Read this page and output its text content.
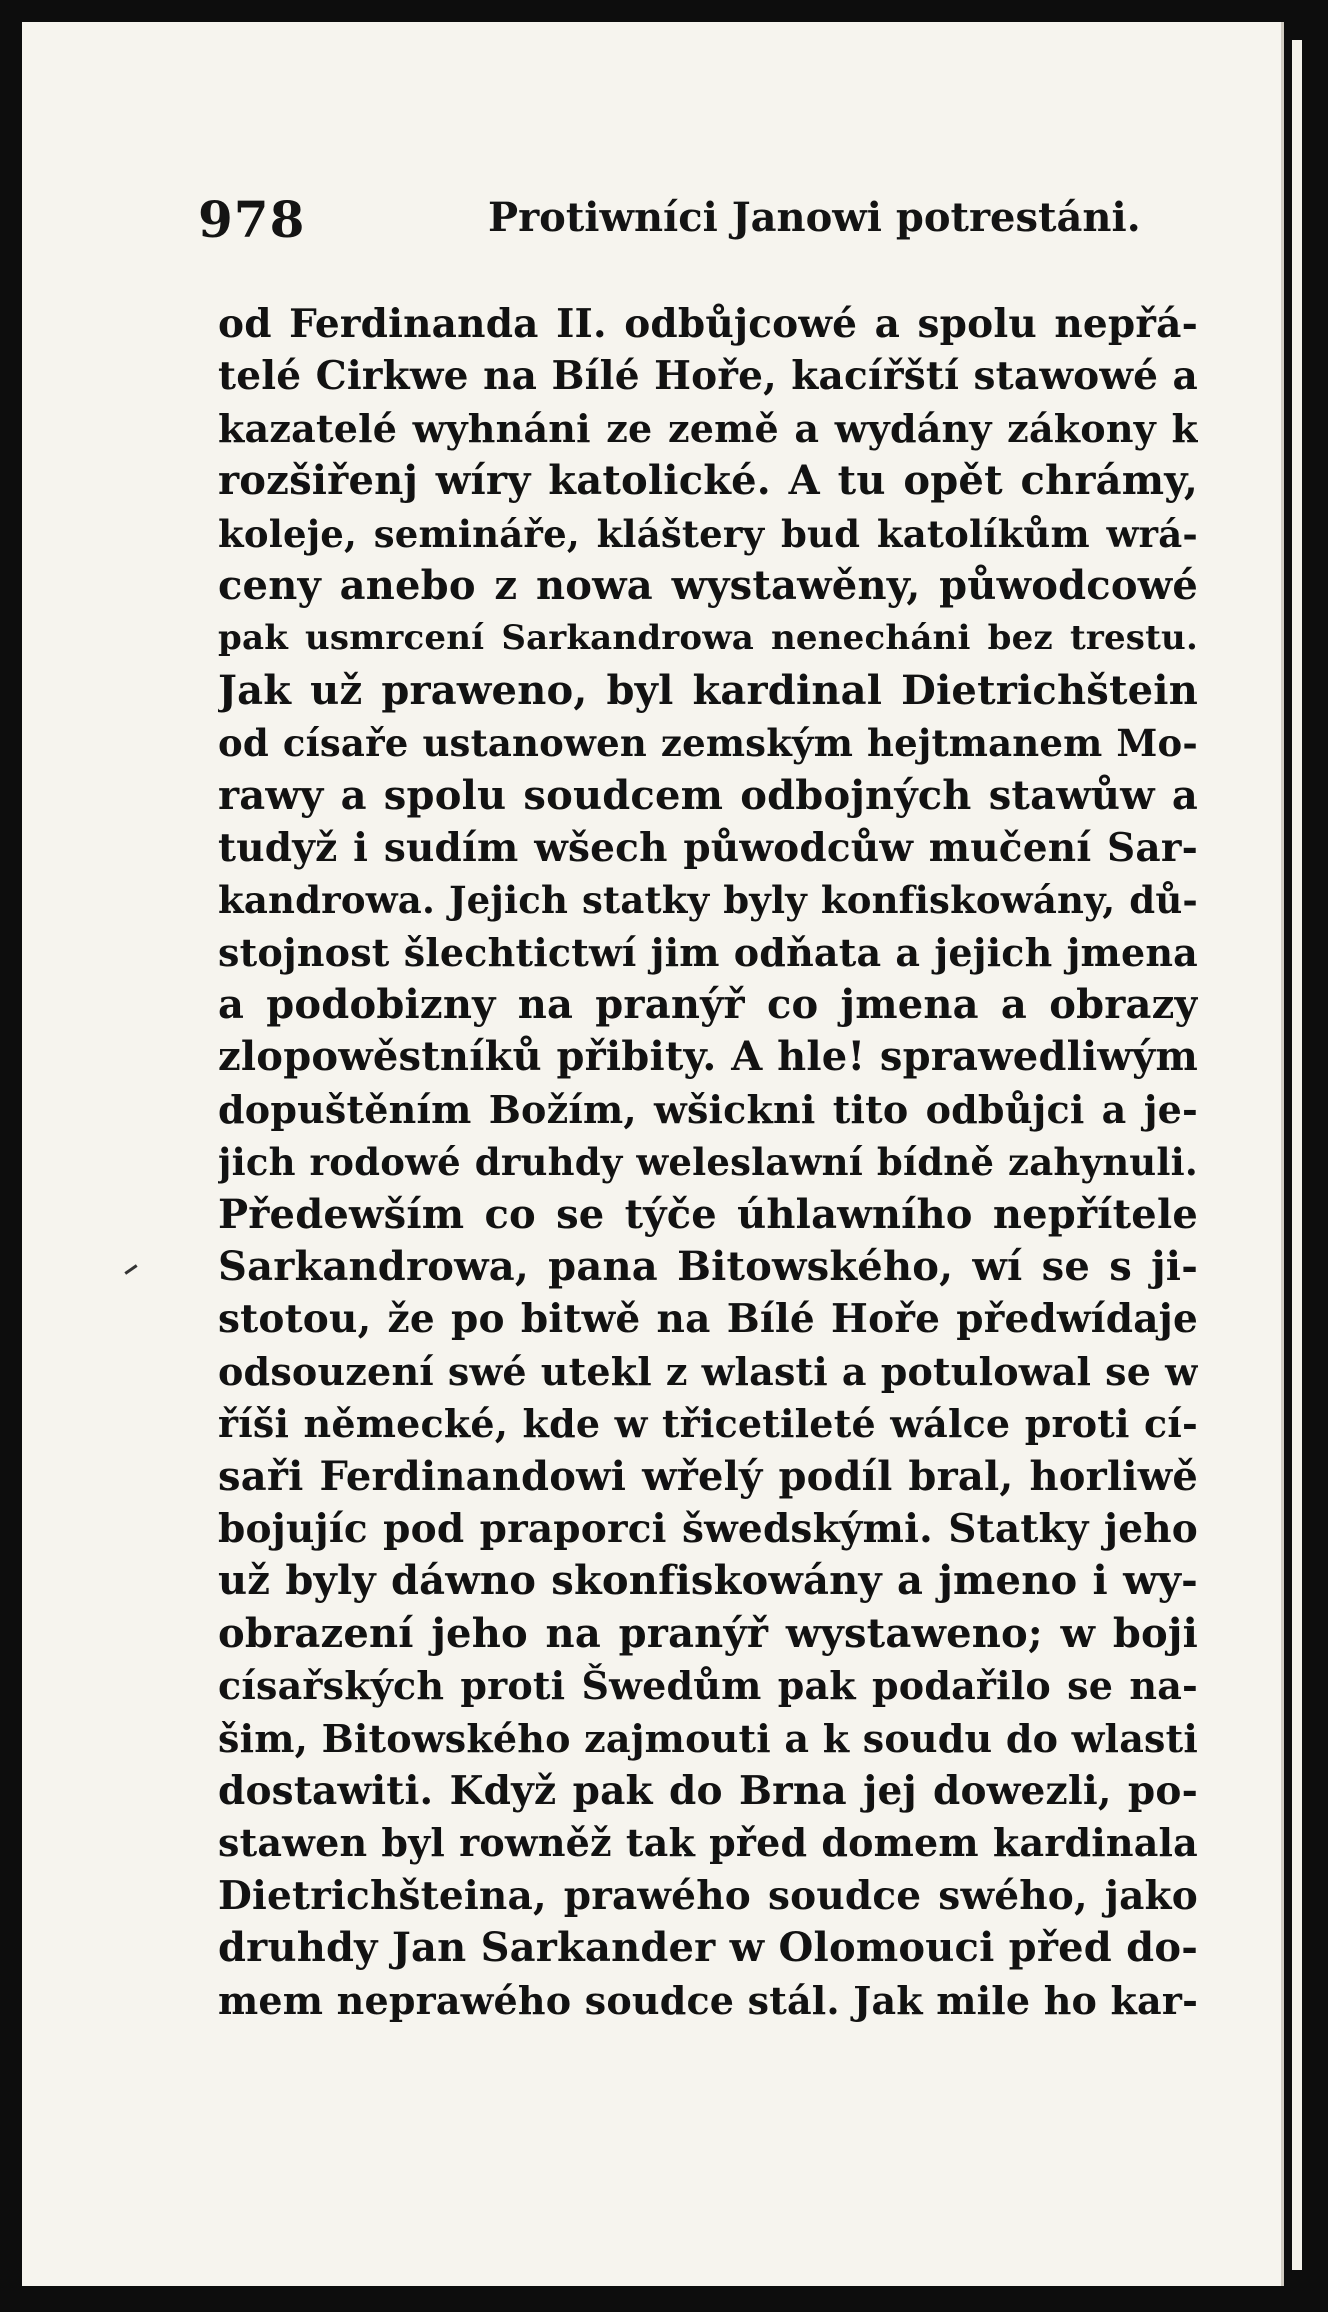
978	Protiwníci Janowi potrestáni.
od Ferdinanda II. odbůjcowé a spolu nepřá-
telé Cirkwe na Bílé Hoře, kacířští stawowé a
kazatelé wyhnáni ze země a wydány zákony k
rozšiřenj wíry katolické. A tu opět chrámy,
koleje, semináře, kláštery bud katolíkům wrá-
ceny anebo z nowa wystawěny, půwodcowé
pak usmrcení Sarkandrowa nenecháni bez trestu.
Jak už prawenо, byl kardinal Dietrichštein
od císaře ustanowen zemským hejtmanem Mo-
rawy a spolu soudcem odbojných stawůw a
tudyž i sudím wšech půwodcůw mučení Sar-
kandrowa. Jejich statky byly konfiskowány, dů-
stojnost šlechtictwí jim odňata a jejich jmena
a podobizny na pranýř co jmena a obrazy
zlopowěstníků přibity. A hle! sprawedliwým
dopuštěním Božím, wšickni tito odbůjci a je-
jich rodowé druhdy weleslawní bídně zahynuli.
Předewším co se týče úhlawního nepřítele
Sarkandrowa, pana Bitowského, wí se s ji-
stotou, že po bitwě na Bílé Hoře předwídaje
odsouzení swé utekl z wlasti a potulowal se w
říši německé, kde w třicetileté wálce proti cí-
saři Ferdinandowi wřelý podíl bral, horliwě
bojujíc pod praporci šwedskými. Statky jeho
už byly dáwno skonfiskowány a jmeno i wy-
obrazení jeho na pranýř wystaweno; w boji
císařských proti Šwedům pak podařilo se na-
šim, Bitowského zajmouti a k soudu do wlasti
dostawiti. Když pak do Brna jej dowezli, po-
stawen byl rowněž tak před domem kardinala
Dietrichšteina, prawého soudce swého, jako
druhdy Jan Sarkander w Olomouci před do-
mem neprawého soudce stál. Jak mile ho kar-
